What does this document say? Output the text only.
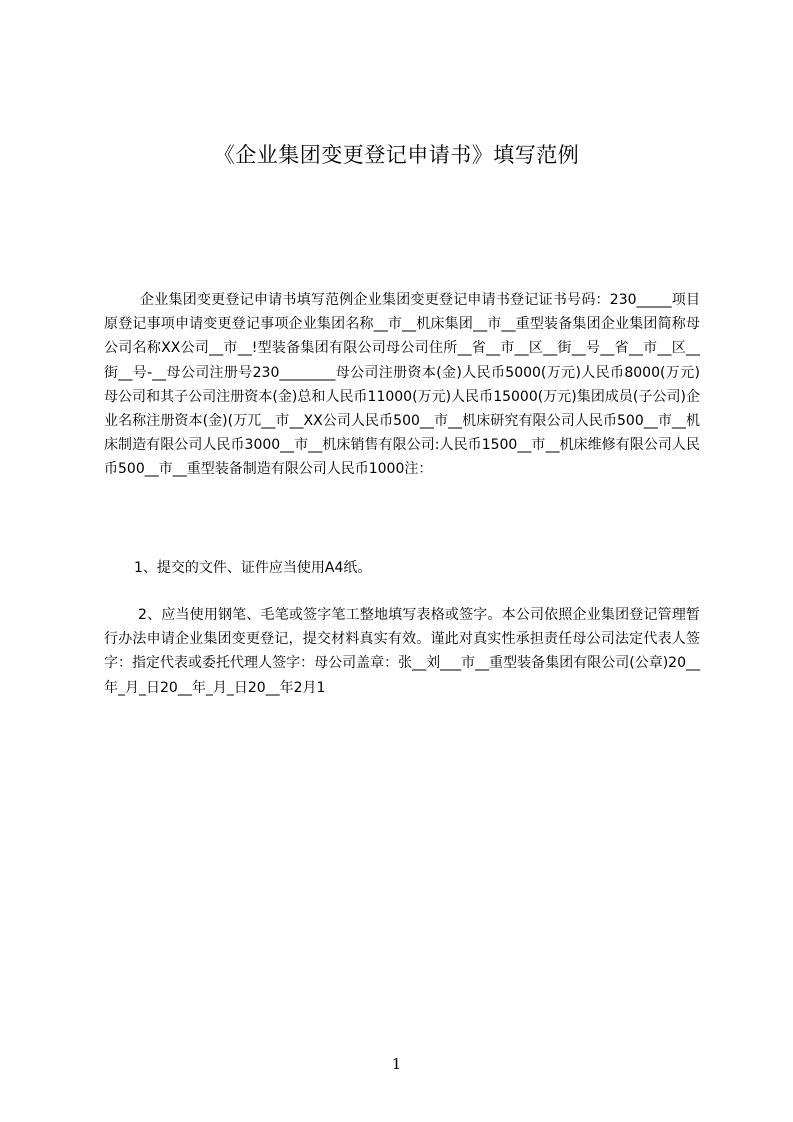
《企业集团变更登记申请书》填写范例

企业集团变更登记申请书填写范例企业集团变更登记申请书登记证书号码：230_____项目原登记事项申请变更登记事项企业集团名称__市__机床集团__市__重型装备集团企业集团简称母公司名称XX公司__市__!型装备集团有限公司母公司住所__省__市__区__街__号__省__市__区__街__号-__母公司注册号230________母公司注册资本(金)人民币5000(万元)人民币8000(万元)母公司和其子公司注册资本(金)总和人民币11000(万元)人民币15000(万元)集团成员(子公司)企业名称注册资本(金)(万兀__市__XX公司人民币500__市__机床研究有限公司人民币500__市__机床制造有限公司人民币3000__市__机床销售有限公司:人民币1500__市__机床维修有限公司人民币500__市__重型装备制造有限公司人民币1000注：

1、提交的文件、证件应当使用A4纸。

2、应当使用钢笔、毛笔或签字笔工整地填写表格或签字。本公司依照企业集团登记管理暂行办法申请企业集团变更登记，提交材料真实有效。谨此对真实性承担责任母公司法定代表人签字：指定代表或委托代理人签字：母公司盖章：张__刘___市__重型装备集团有限公司(公章)20__年_月_日20__年_月_日20__年2月1

1
